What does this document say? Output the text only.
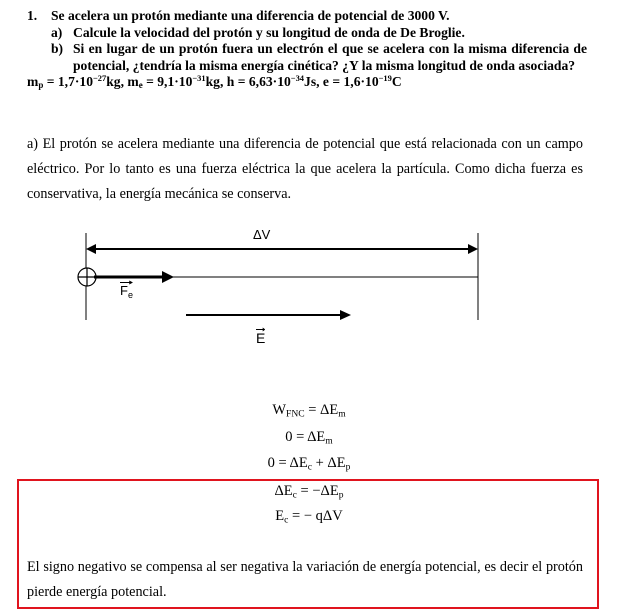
1. Se acelera un protón mediante una diferencia de potencial de 3000 V.
a) Calcule la velocidad del protón y su longitud de onda de De Broglie.
b) Si en lugar de un protón fuera un electrón el que se acelera con la misma diferencia de potencial, ¿tendría la misma energía cinética? ¿Y la misma longitud de onda asociada?
$m_p = 1,7\cdot 10^{-27}kg$, $m_e = 9,1\cdot 10^{-31}kg$, $h = 6,63\cdot 10^{-34}Js$, $e = 1,6\cdot 10^{-19}C$
a) El protón se acelera mediante una diferencia de potencial que está relacionada con un campo eléctrico. Por lo tanto es una fuerza eléctrica la que acelera la partícula. Como dicha fuerza es conservativa, la energía mecánica se conserva.
ΔV
$F_e$
E
$W_{FNC} = \Delta E_m$
$0 = \Delta E_m$
$0 = \Delta E_c + \Delta E_p$
$\Delta E_c = -\Delta E_p$
$E_c$ = − qΔV
El signo negativo se compensa al ser negativa la variación de energía potencial, es decir el protón pierde energía potencial.
